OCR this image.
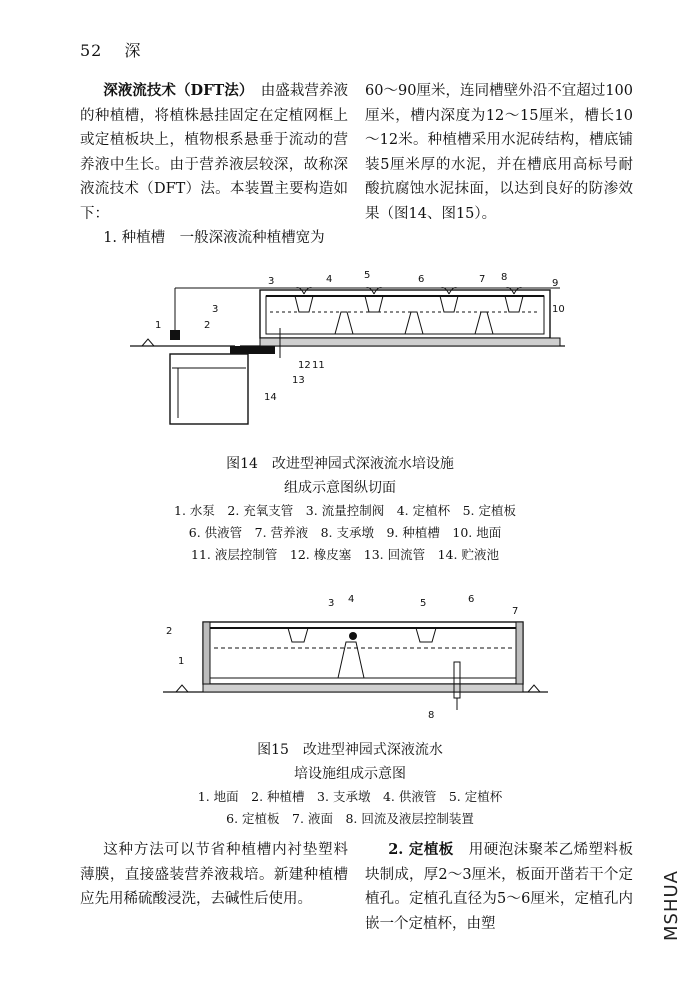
52 深

深液流技术（DFT法）　由盛栽营养液的种植槽，将植株悬挂固定在定植网框上或定植板块上，植物根系悬垂于流动的营养液中生长。由于营养液层较深，故称深液流技术（DFT）法。本装置主要构造如下：

1. 种植槽　一般深液流种植槽宽为

60～90厘米，连同槽壁外沿不宜超过100厘米，槽内深度为12～15厘米，槽长10～12米。种植槽采用水泥砖结构，槽底铺装5厘米厚的水泥，并在槽底用高标号耐酸抗腐蚀水泥抹面，以达到良好的防渗效果（图14、图15）。

1	2
3
3	4	5	6	7 8
9
10
12 11
13
14
图14　改进型神园式深液流水培设施
组成示意图纵切面
1. 水泵　2. 充氧支管　3. 流量控制阀　4. 定植杯　5. 定植板
6. 供液管　7. 营养液　8. 支承墩　9. 种植槽　10. 地面
11. 液层控制管　12. 橡皮塞　13. 回流管　14. 贮液池
2
1
3 4	5	6
7
8
图15　改进型神园式深液流水
培设施组成示意图
1. 地面　2. 种植槽　3. 支承墩　4. 供液管　5. 定植杯
6. 定植板　7. 液面　8. 回流及液层控制装置

这种方法可以节省种植槽内衬垫塑料薄膜，直接盛装营养液栽培。新建种植槽应先用稀硫酸浸洗，去碱性后使用。

2. 定植板　用硬泡沫聚苯乙烯塑料板块制成，厚2～3厘米，板面开凿若干个定植孔。定植孔直径为5～6厘米，定植孔内嵌一个定植杯，由塑	MSHUA
